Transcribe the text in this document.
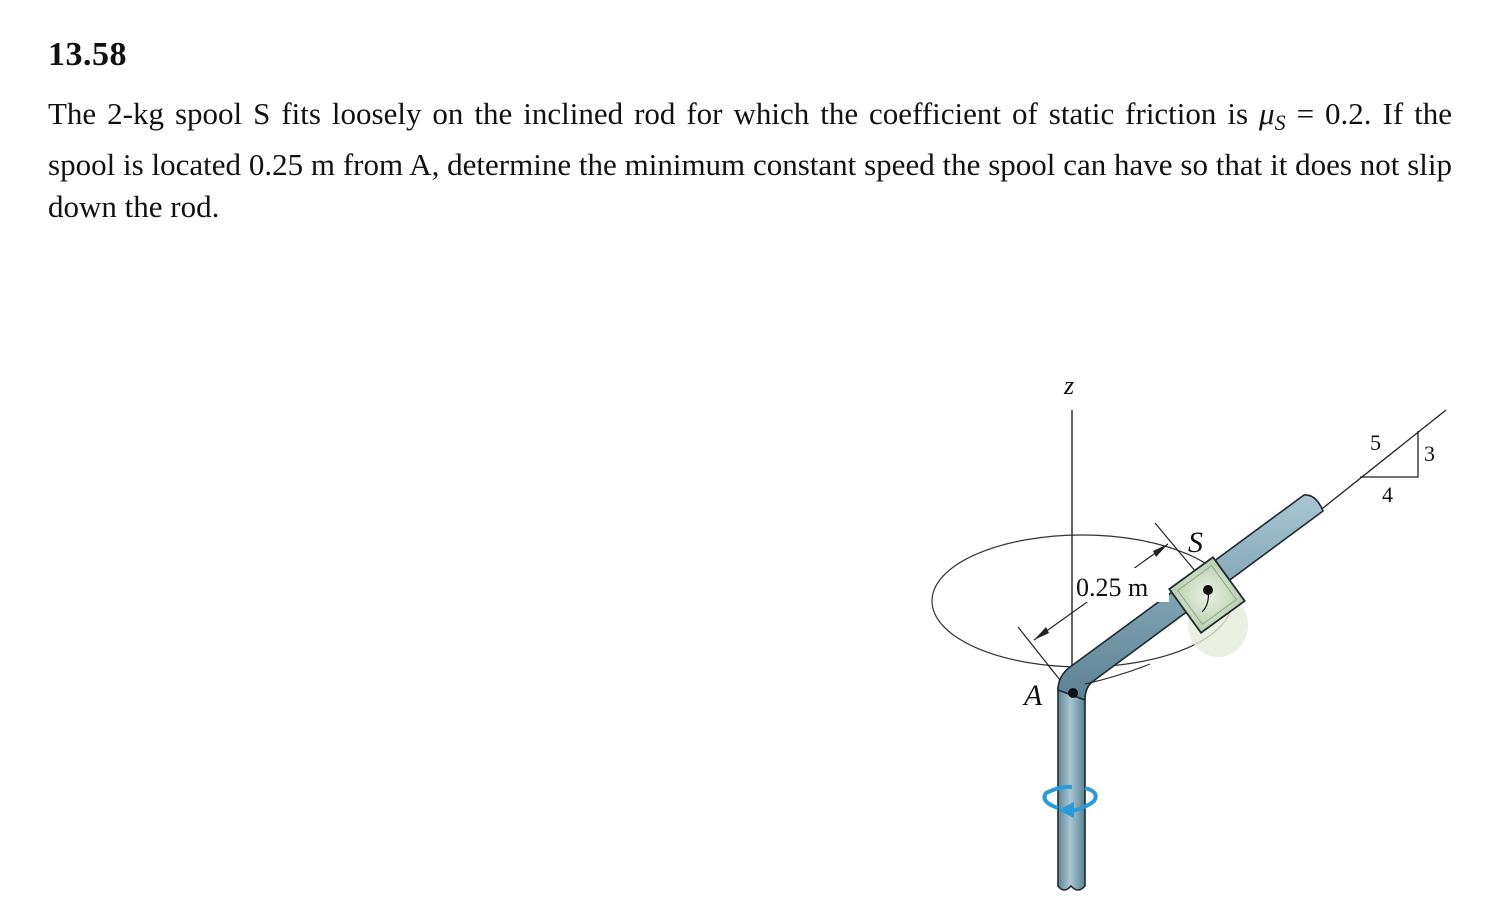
13.58
The 2-kg spool S fits loosely on the inclined rod for which the coefficient of static friction is $\mu_S = 0.2$. If the spool is located 0.25 m from A, determine the minimum constant speed the spool can have so that it does not slip down the rod.
z
5 3
4
0.25 m
S
A
